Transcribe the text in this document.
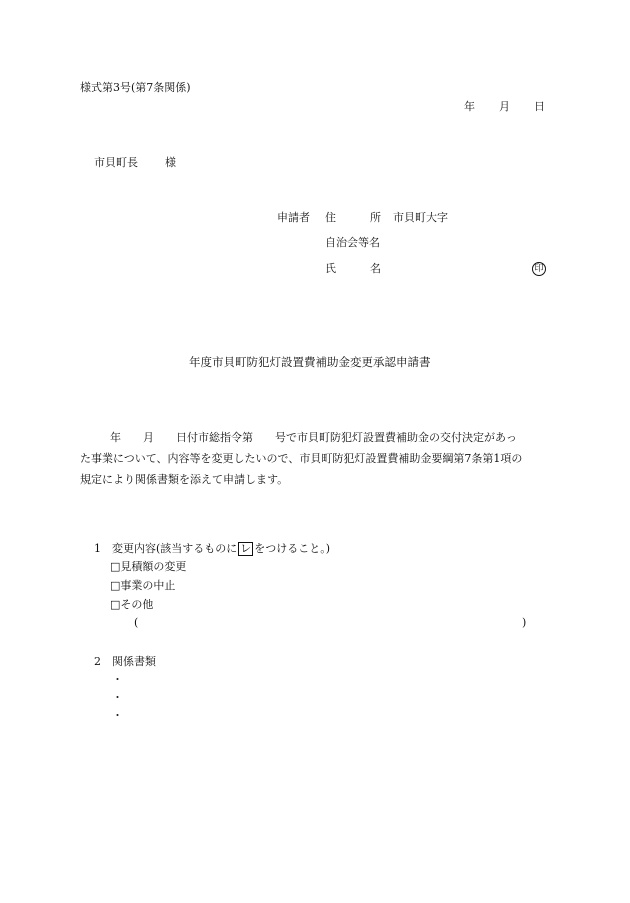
様式第3号(第7条関係)
年 月 日
市貝町長 様
申請者 住	所 市貝町大字
自治会等名
氏	名	印
年度市貝町防犯灯設置費補助金変更承認申請書
年　　月　　日付市総指令第　　号で市貝町防犯灯設置費補助金の交付決定があっ
た事業について、内容等を変更したいので、市貝町防犯灯設置費補助金要綱第7条第1項の
規定により関係書類を添えて申請します。
1 変更内容(該当するものに レ をつけること。)
□見積額の変更
□事業の中止
□その他
(	)
2 関係書類
・
・
・
